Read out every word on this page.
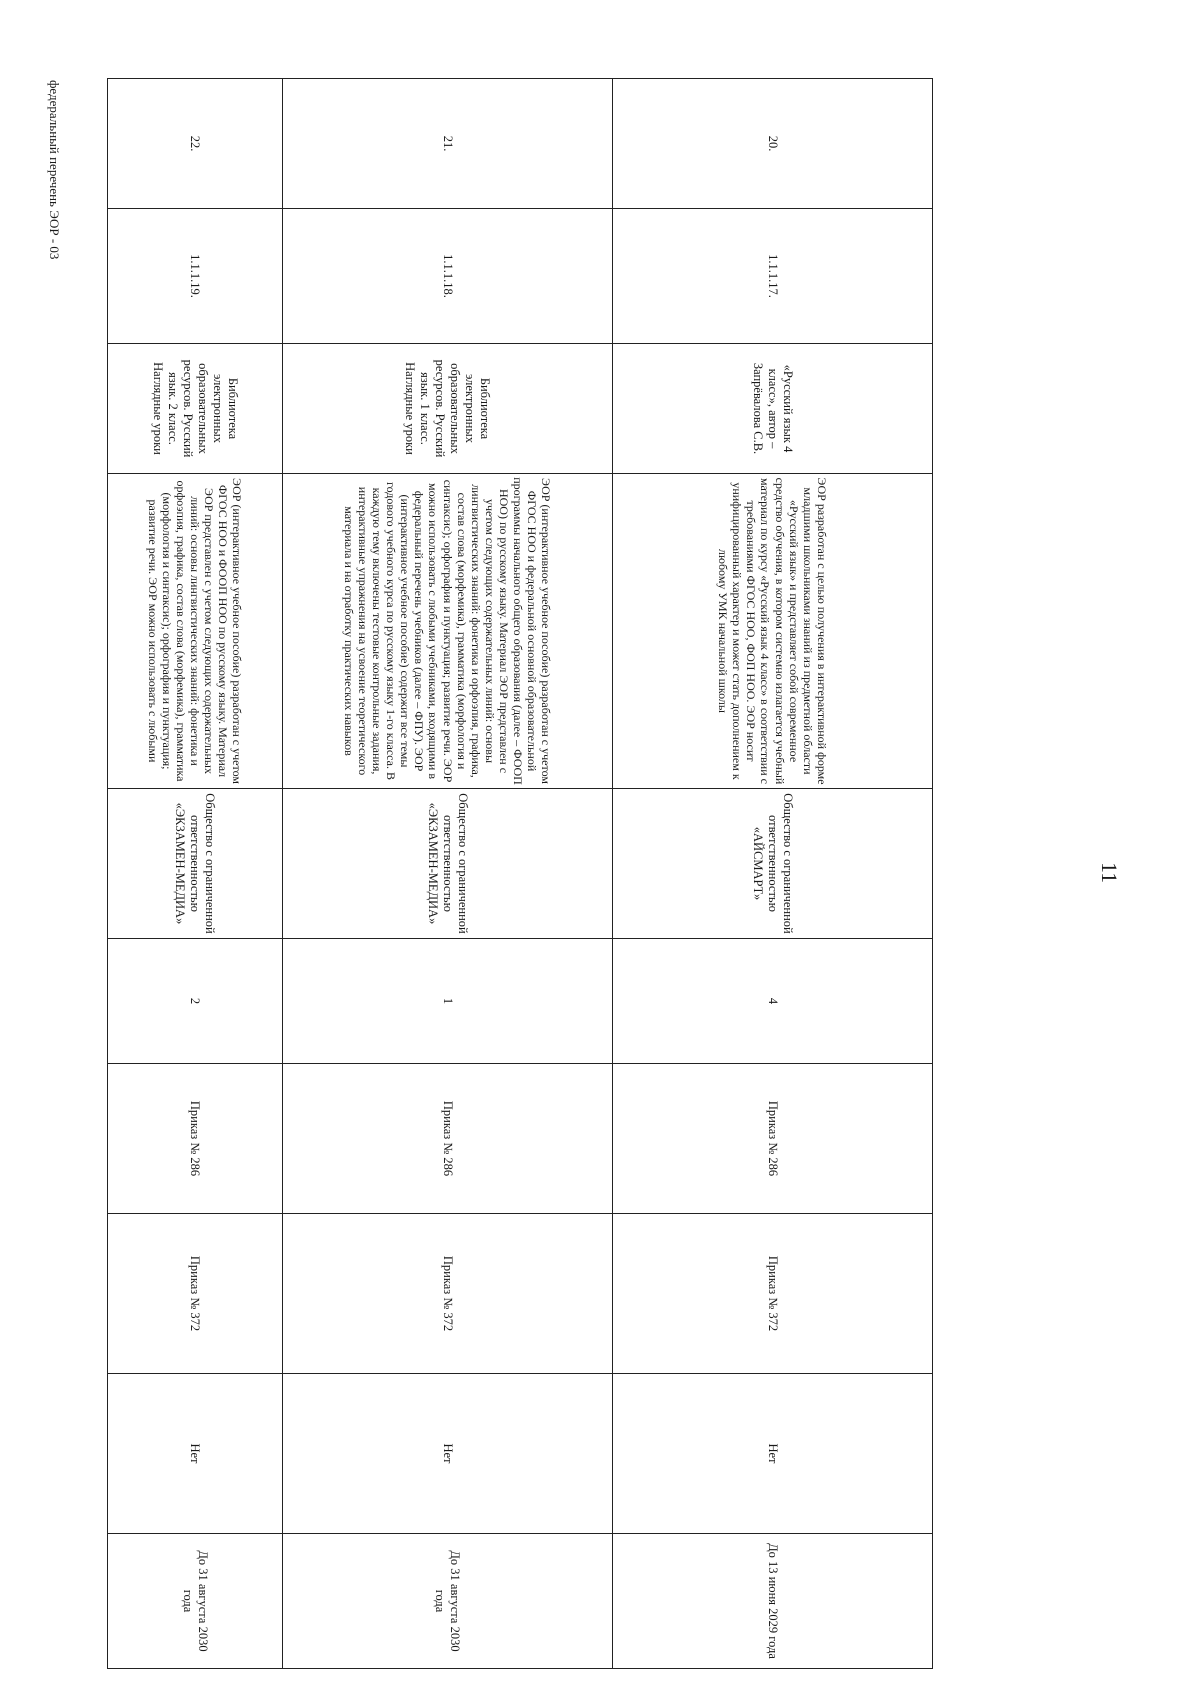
федеральный перечень ЭОР - 03
11
20.	1.1.1.17.	«Русский язык 4 класс», автор – Запрёвалова С.В.	ЭОР разработан с целью получения в интерактивной форме младшими школьниками знаний из предметной области «Русский язык» и представляет собой современное средство обучения, в котором системно излагается учебный материал по курсу «Русский язык 4 класс» в соответствии с требованиями ФГОС НОО, ФОП НОО. ЭОР носит унифицированный характер и может стать дополнением к любому УМК начальной школы	Общество с ограниченной ответственностью «АЙСМАРТ»	4	Приказ № 286	Приказ № 372	Нет	До 13 июня 2029 года
21.	1.1.1.18.	Библиотека электронных образовательных ресурсов. Русский язык. 1 класс. Наглядные уроки	ЭОР (интерактивное учебное пособие) разработан с учетом ФГОС НОО и федеральной основной образовательной программы начального общего образования (далее – ФООП НОО) по русскому языку. Материал ЭОР представлен с учетом следующих содержательных линий: основы лингвистических знаний: фонетика и орфоэпия, графика, состав слова (морфемика), грамматика (морфология и синтаксис); орфография и пунктуация; развитие речи. ЭОР можно использовать с любыми учебниками, входящими в федеральный перечень учебников (далее – ФПУ). ЭОР (интерактивное учебное пособие) содержит все темы годового учебного курса по русскому языку 1-го класса. В каждую тему включены тестовые контрольные задания, интерактивные упражнения на усвоение теоретического материала и на отработку практических навыков	Общество с ограниченной ответственностью «ЭКЗАМЕН-МЕДИА»	1	Приказ № 286	Приказ № 372	Нет	До 31 августа 2030 года
22.	1.1.1.19.	Библиотека электронных образовательных ресурсов. Русский язык. 2 класс. Наглядные уроки	ЭОР (интерактивное учебное пособие) разработан с учетом ФГОС НОО и ФООП НОО по русскому языку. Материал ЭОР представлен с учетом следующих содержательных линий: основы лингвистических знаний: фонетика и орфоэпия, графика, состав слова (морфемика), грамматика (морфология и синтаксис); орфография и пунктуация; развитие речи. ЭОР можно использовать с любыми	Общество с ограниченной ответственностью «ЭКЗАМЕН-МЕДИА»	2	Приказ № 286	Приказ № 372	Нет	До 31 августа 2030 года
